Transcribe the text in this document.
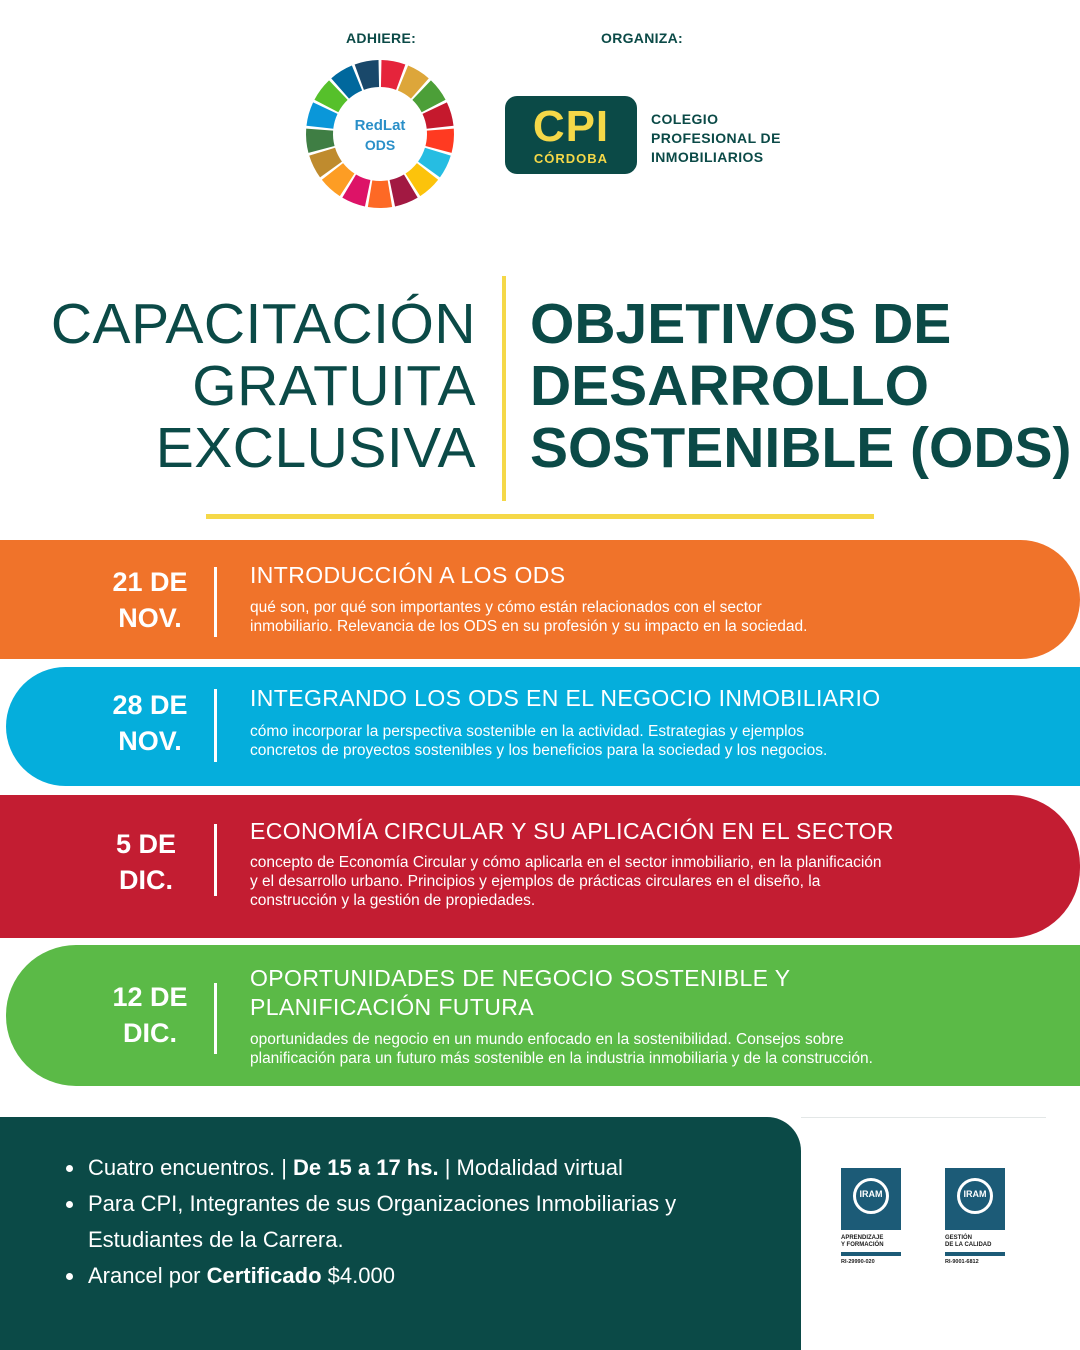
ADHIERE:	ORGANIZA:
RedLat
ODS	CPI
CÓRDOBA
COLEGIO
PROFESIONAL DE
INMOBILIARIOS
CAPACITACIÓN
GRATUITA
EXCLUSIVA
OBJETIVOS DE
DESARROLLO
SOSTENIBLE (ODS)
21 DE
NOV.
INTRODUCCIÓN A LOS ODS
qué son, por qué son importantes y cómo están relacionados con el sector
inmobiliario. Relevancia de los ODS en su profesión y su impacto en la sociedad.
28 DE
NOV.
INTEGRANDO LOS ODS EN EL NEGOCIO INMOBILIARIO
cómo incorporar la perspectiva sostenible en la actividad. Estrategias y ejemplos
concretos de proyectos sostenibles y los beneficios para la sociedad y los negocios.
5 DE
DIC.
ECONOMÍA CIRCULAR Y SU APLICACIÓN EN EL SECTOR
concepto de Economía Circular y cómo aplicarla en el sector inmobiliario, en la planificación
y el desarrollo urbano. Principios y ejemplos de prácticas circulares en el diseño, la
construcción y la gestión de propiedades.
12 DE
DIC.
OPORTUNIDADES DE NEGOCIO SOSTENIBLE Y
PLANIFICACIÓN FUTURA
oportunidades de negocio en un mundo enfocado en la sostenibilidad. Consejos sobre
planificación para un futuro más sostenible en la industria inmobiliaria y de la construcción.
Cuatro encuentros. | De 15 a 17 hs. | Modalidad virtual
Para CPI, Integrantes de sus Organizaciones Inmobiliarias y
Estudiantes de la Carrera.
Arancel por Certificado $4.000
IRAM
APRENDIZAJE
Y FORMACIÓN
RI-29990-020
IRAM
GESTIÓN
DE LA CALIDAD
RI-9001-6812
